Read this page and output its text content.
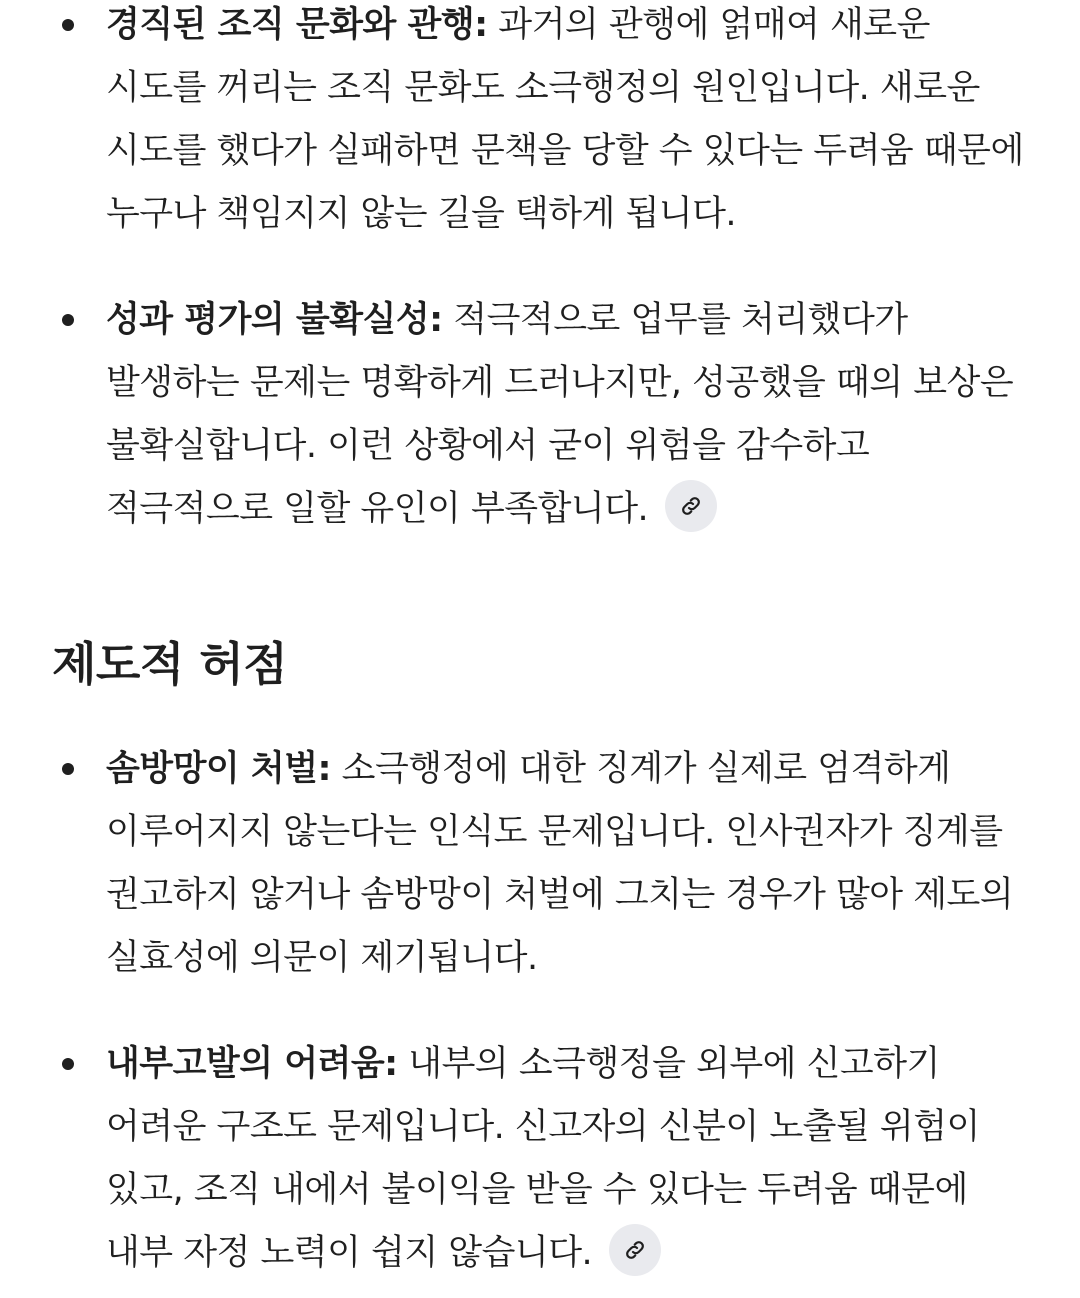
경직된 조직 문화와 관행: 과거의 관행에 얽매여 새로운 시도를 꺼리는 조직 문화도 소극행정의 원인입니다. 새로운 시도를 했다가 실패하면 문책을 당할 수 있다는 두려움 때문에 누구나 책임지지 않는 길을 택하게 됩니다.
성과 평가의 불확실성: 적극적으로 업무를 처리했다가 발생하는 문제는 명확하게 드러나지만, 성공했을 때의 보상은 불확실합니다. 이런 상황에서 굳이 위험을 감수하고 적극적으로 일할 유인이 부족합니다.
제도적 허점
솜방망이 처벌: 소극행정에 대한 징계가 실제로 엄격하게 이루어지지 않는다는 인식도 문제입니다. 인사권자가 징계를 권고하지 않거나 솜방망이 처벌에 그치는 경우가 많아 제도의 실효성에 의문이 제기됩니다.
내부고발의 어려움: 내부의 소극행정을 외부에 신고하기 어려운 구조도 문제입니다. 신고자의 신분이 노출될 위험이 있고, 조직 내에서 불이익을 받을 수 있다는 두려움 때문에 내부 자정 노력이 쉽지 않습니다.
